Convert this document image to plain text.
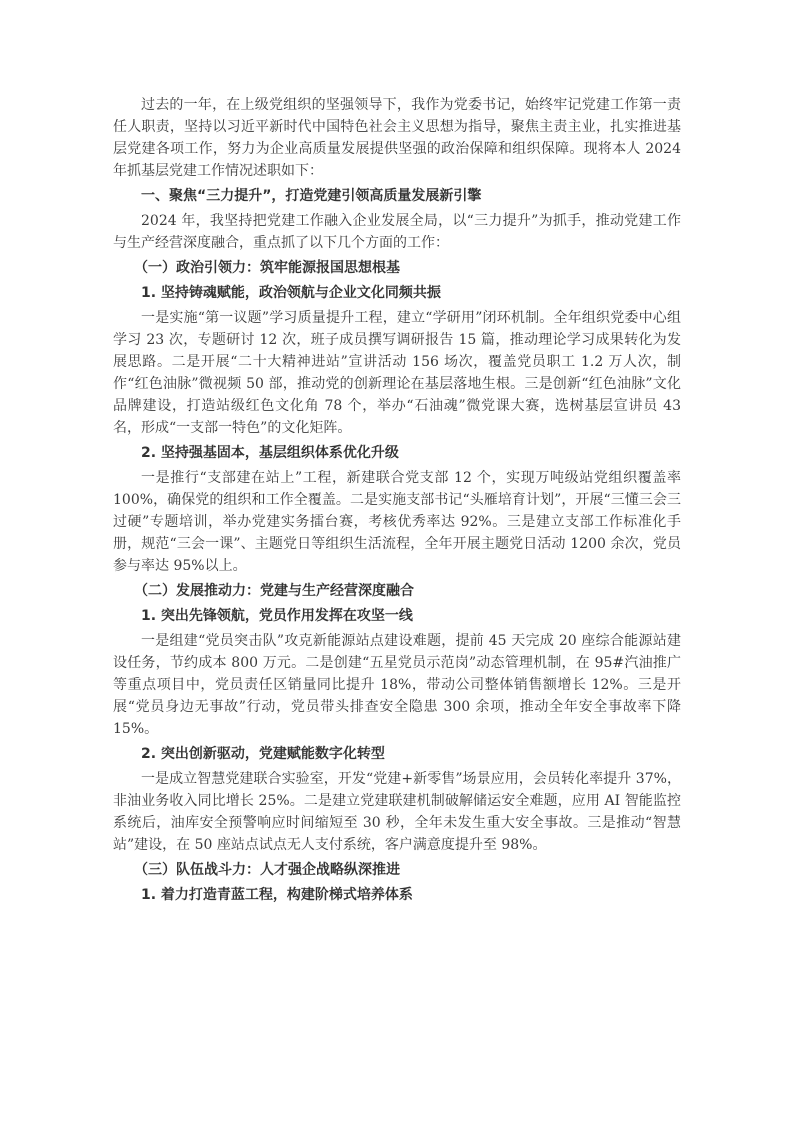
过去的一年，在上级党组织的坚强领导下，我作为党委书记，始终牢记党建工作第一责任人职责，坚持以习近平新时代中国特色社会主义思想为指导，聚焦主责主业，扎实推进基层党建各项工作，努力为企业高质量发展提供坚强的政治保障和组织保障。现将本人 2024 年抓基层党建工作情况述职如下：

一、聚焦“三力提升”，打造党建引领高质量发展新引擎

2024 年，我坚持把党建工作融入企业发展全局，以“三力提升”为抓手，推动党建工作与生产经营深度融合，重点抓了以下几个方面的工作：

（一）政治引领力：筑牢能源报国思想根基
1. 坚持铸魂赋能，政治领航与企业文化同频共振

一是实施“第一议题”学习质量提升工程，建立“学研用”闭环机制。全年组织党委中心组学习 23 次，专题研讨 12 次，班子成员撰写调研报告 15 篇，推动理论学习成果转化为发展思路。二是开展“二十大精神进站”宣讲活动 156 场次，覆盖党员职工 1.2 万人次，制作“红色油脉”微视频 50 部，推动党的创新理论在基层落地生根。三是创新“红色油脉”文化品牌建设，打造站级红色文化角 78 个，举办“石油魂”微党课大赛，选树基层宣讲员 43 名，形成“一支部一特色”的文化矩阵。

2. 坚持强基固本，基层组织体系优化升级

一是推行“支部建在站上”工程，新建联合党支部 12 个，实现万吨级站党组织覆盖率 100%，确保党的组织和工作全覆盖。二是实施支部书记“头雁培育计划”，开展“三懂三会三过硬”专题培训，举办党建实务擂台赛，考核优秀率达 92%。三是建立支部工作标准化手册，规范“三会一课”、主题党日等组织生活流程，全年开展主题党日活动 1200 余次，党员参与率达 95%以上。

（二）发展推动力：党建与生产经营深度融合
1. 突出先锋领航，党员作用发挥在攻坚一线

一是组建“党员突击队”攻克新能源站点建设难题，提前 45 天完成 20 座综合能源站建设任务，节约成本 800 万元。二是创建“五星党员示范岗”动态管理机制，在 95#汽油推广等重点项目中，党员责任区销量同比提升 18%，带动公司整体销售额增长 12%。三是开展“党员身边无事故”行动，党员带头排查安全隐患 300 余项，推动全年安全事故率下降 15%。

2. 突出创新驱动，党建赋能数字化转型

一是成立智慧党建联合实验室，开发“党建+新零售”场景应用，会员转化率提升 37%，非油业务收入同比增长 25%。二是建立党建联建机制破解储运安全难题，应用 AI 智能监控系统后，油库安全预警响应时间缩短至 30 秒，全年未发生重大安全事故。三是推动“智慧站”建设，在 50 座站点试点无人支付系统，客户满意度提升至 98%。

（三）队伍战斗力：人才强企战略纵深推进
1. 着力打造青蓝工程，构建阶梯式培养体系
